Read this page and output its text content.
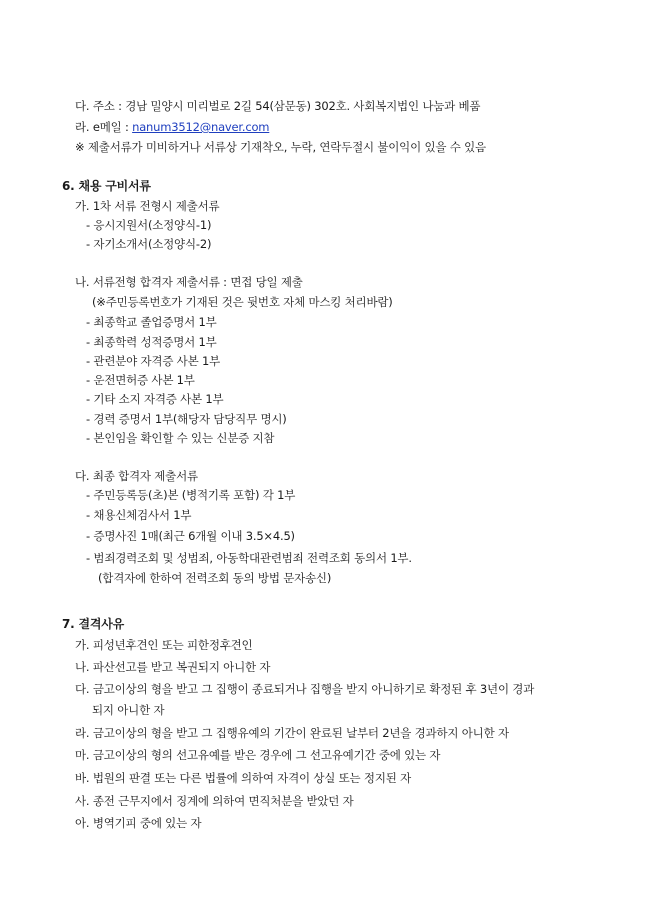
다. 주소 : 경남 밀양시 미리벌로 2길 54(삼문동) 302호. 사회복지법인 나눔과 베품
라. e메일 : nanum3512@naver.com
※ 제출서류가 미비하거나 서류상 기재착오, 누락, 연락두절시 불이익이 있을 수 있음
6. 채용 구비서류
가. 1차 서류 전형시 제출서류
- 응시지원서(소정양식-1)
- 자기소개서(소정양식-2)
나. 서류전형 합격자 제출서류 : 면접 당일 제출
(※주민등록번호가 기재된 것은 뒷번호 자체 마스킹 처리바람)
- 최종학교 졸업증명서 1부
- 최종학력 성적증명서 1부
- 관련분야 자격증 사본 1부
- 운전면허증 사본 1부
- 기타 소지 자격증 사본 1부
- 경력 증명서 1부(해당자 담당직무 명시)
- 본인임을 확인할 수 있는 신분증 지참
다. 최종 합격자 제출서류
- 주민등록등(초)본 (병적기록 포함) 각 1부
- 채용신체검사서 1부
- 증명사진 1매(최근 6개월 이내 3.5×4.5)
- 범죄경력조회 및 성범죄, 아동학대관련범죄 전력조회 동의서 1부.
(합격자에 한하여 전력조회 동의 방법 문자송신)
7. 결격사유
가. 피성년후견인 또는 피한정후견인
나. 파산선고를 받고 복권되지 아니한 자
다. 금고이상의 형을 받고 그 집행이 종료되거나 집행을 받지 아니하기로 확정된 후 3년이 경과
되지 아니한 자
라. 금고이상의 형을 받고 그 집행유예의 기간이 완료된 날부터 2년을 경과하지 아니한 자
마. 금고이상의 형의 선고유예를 받은 경우에 그 선고유예기간 중에 있는 자
바. 법원의 판결 또는 다른 법률에 의하여 자격이 상실 또는 정지된 자
사. 종전 근무지에서 징계에 의하여 면직처분을 받았던 자
아. 병역기피 중에 있는 자
